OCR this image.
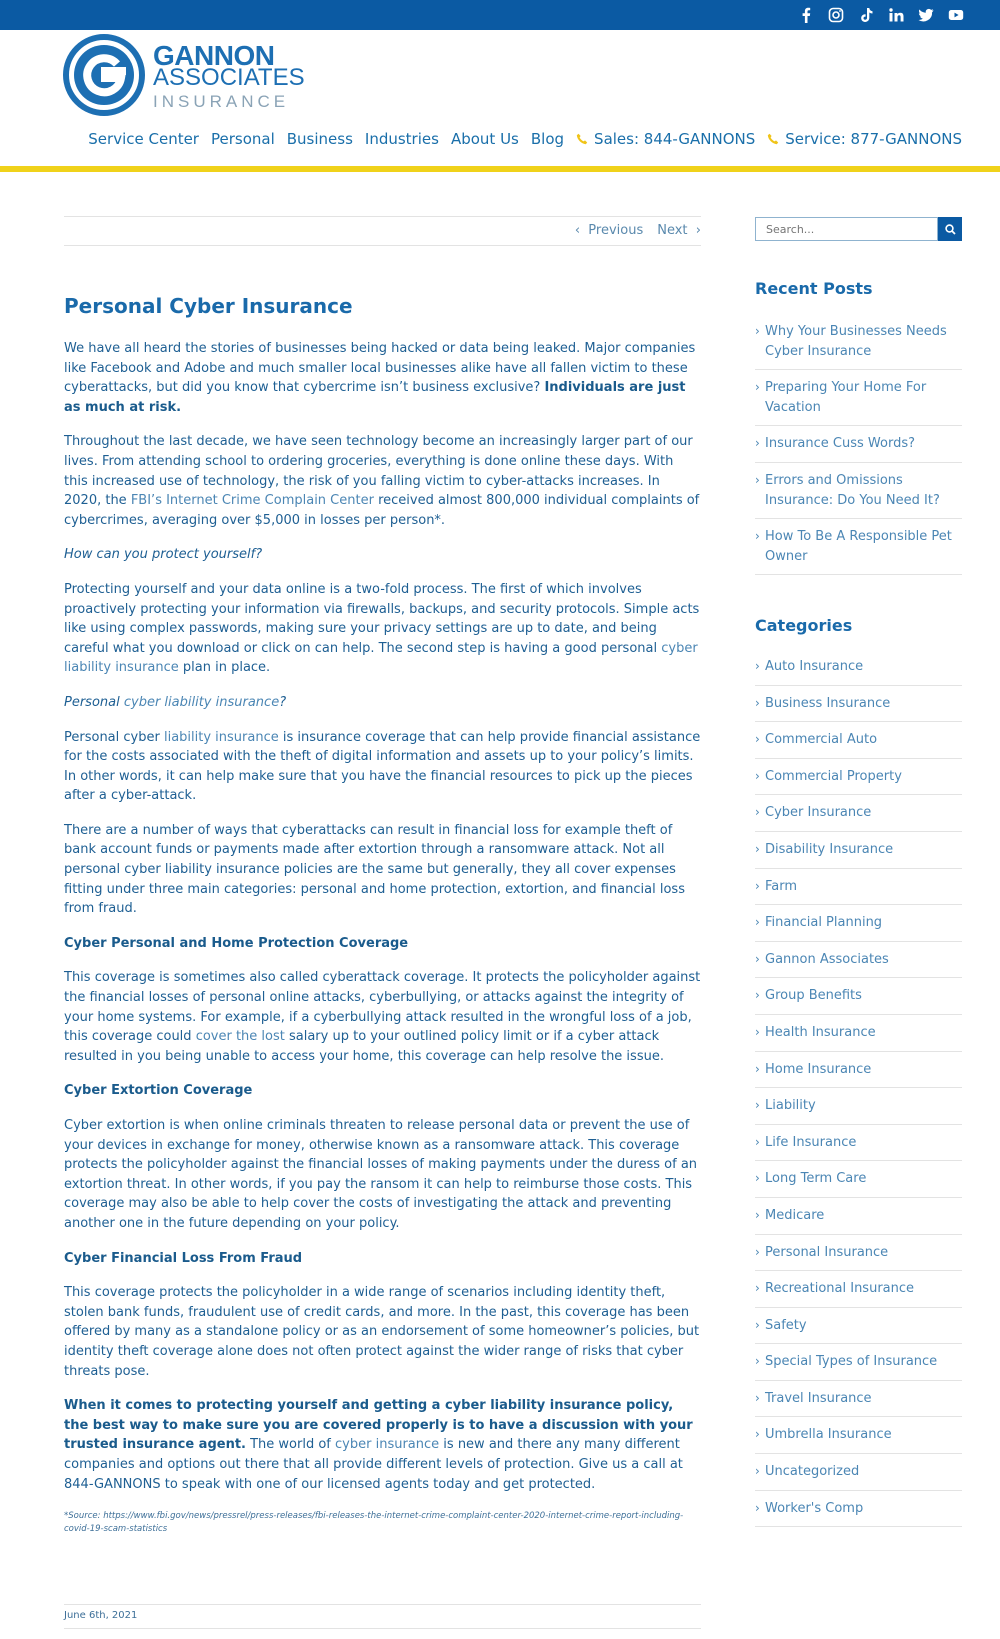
GANNON
ASSOCIATES
INSURANCE
Service Center Personal Business Industries About Us Blog Sales: 844-GANNONS Service: 877-GANNONS
‹  Previous Next  ›
Personal Cyber Insurance

We have all heard the stories of businesses being hacked or data being leaked. Major companies like Facebook and Adobe and much smaller local businesses alike have all fallen victim to these cyberattacks, but did you know that cybercrime isn’t business exclusive? Individuals are just as much at risk.

Throughout the last decade, we have seen technology become an increasingly larger part of our lives. From attending school to ordering groceries, everything is done online these days. With this increased use of technology, the risk of you falling victim to cyber-attacks increases. In 2020, the FBI’s Internet Crime Complain Center received almost 800,000 individual complaints of cybercrimes, averaging over $5,000 in losses per person*.

How can you protect yourself?

Protecting yourself and your data online is a two-fold process. The first of which involves proactively protecting your information via firewalls, backups, and security protocols. Simple acts like using complex passwords, making sure your privacy settings are up to date, and being careful what you download or click on can help. The second step is having a good personal cyber liability insurance plan in place.

Personal cyber liability insurance?

Personal cyber liability insurance is insurance coverage that can help provide financial assistance for the costs associated with the theft of digital information and assets up to your policy’s limits. In other words, it can help make sure that you have the financial resources to pick up the pieces after a cyber-attack.

There are a number of ways that cyberattacks can result in financial loss for example theft of bank account funds or payments made after extortion through a ransomware attack. Not all personal cyber liability insurance policies are the same but generally, they all cover expenses fitting under three main categories: personal and home protection, extortion, and financial loss from fraud.

Cyber Personal and Home Protection Coverage

This coverage is sometimes also called cyberattack coverage. It protects the policyholder against the financial losses of personal online attacks, cyberbullying, or attacks against the integrity of your home systems. For example, if a cyberbullying attack resulted in the wrongful loss of a job, this coverage could cover the lost salary up to your outlined policy limit or if a cyber attack resulted in you being unable to access your home, this coverage can help resolve the issue.

Cyber Extortion Coverage

Cyber extortion is when online criminals threaten to release personal data or prevent the use of your devices in exchange for money, otherwise known as a ransomware attack. This coverage protects the policyholder against the financial losses of making payments under the duress of an extortion threat. In other words, if you pay the ransom it can help to reimburse those costs. This coverage may also be able to help cover the costs of investigating the attack and preventing another one in the future depending on your policy.

Cyber Financial Loss From Fraud

This coverage protects the policyholder in a wide range of scenarios including identity theft, stolen bank funds, fraudulent use of credit cards, and more. In the past, this coverage has been offered by many as a standalone policy or as an endorsement of some homeowner’s policies, but identity theft coverage alone does not often protect against the wider range of risks that cyber threats pose.

When it comes to protecting yourself and getting a cyber liability insurance policy, the best way to make sure you are covered properly is to have a discussion with your trusted insurance agent. The world of cyber insurance is new and there any many different companies and options out there that all provide different levels of protection. Give us a call at 844-GANNONS to speak with one of our licensed agents today and get protected.

*Source: https://www.fbi.gov/news/pressrel/press-releases/fbi-releases-the-internet-crime-complaint-center-2020-internet-crime-report-including-covid-19-scam-statistics
June 6th, 2021
Search...
Recent Posts
› Why Your Businesses Needs Cyber Insurance
› Preparing Your Home For Vacation
› Insurance Cuss Words?
› Errors and Omissions Insurance: Do You Need It?
› How To Be A Responsible Pet Owner
Categories
› Auto Insurance
› Business Insurance
› Commercial Auto
› Commercial Property
› Cyber Insurance
› Disability Insurance
› Farm
› Financial Planning
› Gannon Associates
› Group Benefits
› Health Insurance
› Home Insurance
› Liability
› Life Insurance
› Long Term Care
› Medicare
› Personal Insurance
› Recreational Insurance
› Safety
› Special Types of Insurance
› Travel Insurance
› Umbrella Insurance
› Uncategorized
› Worker's Comp
